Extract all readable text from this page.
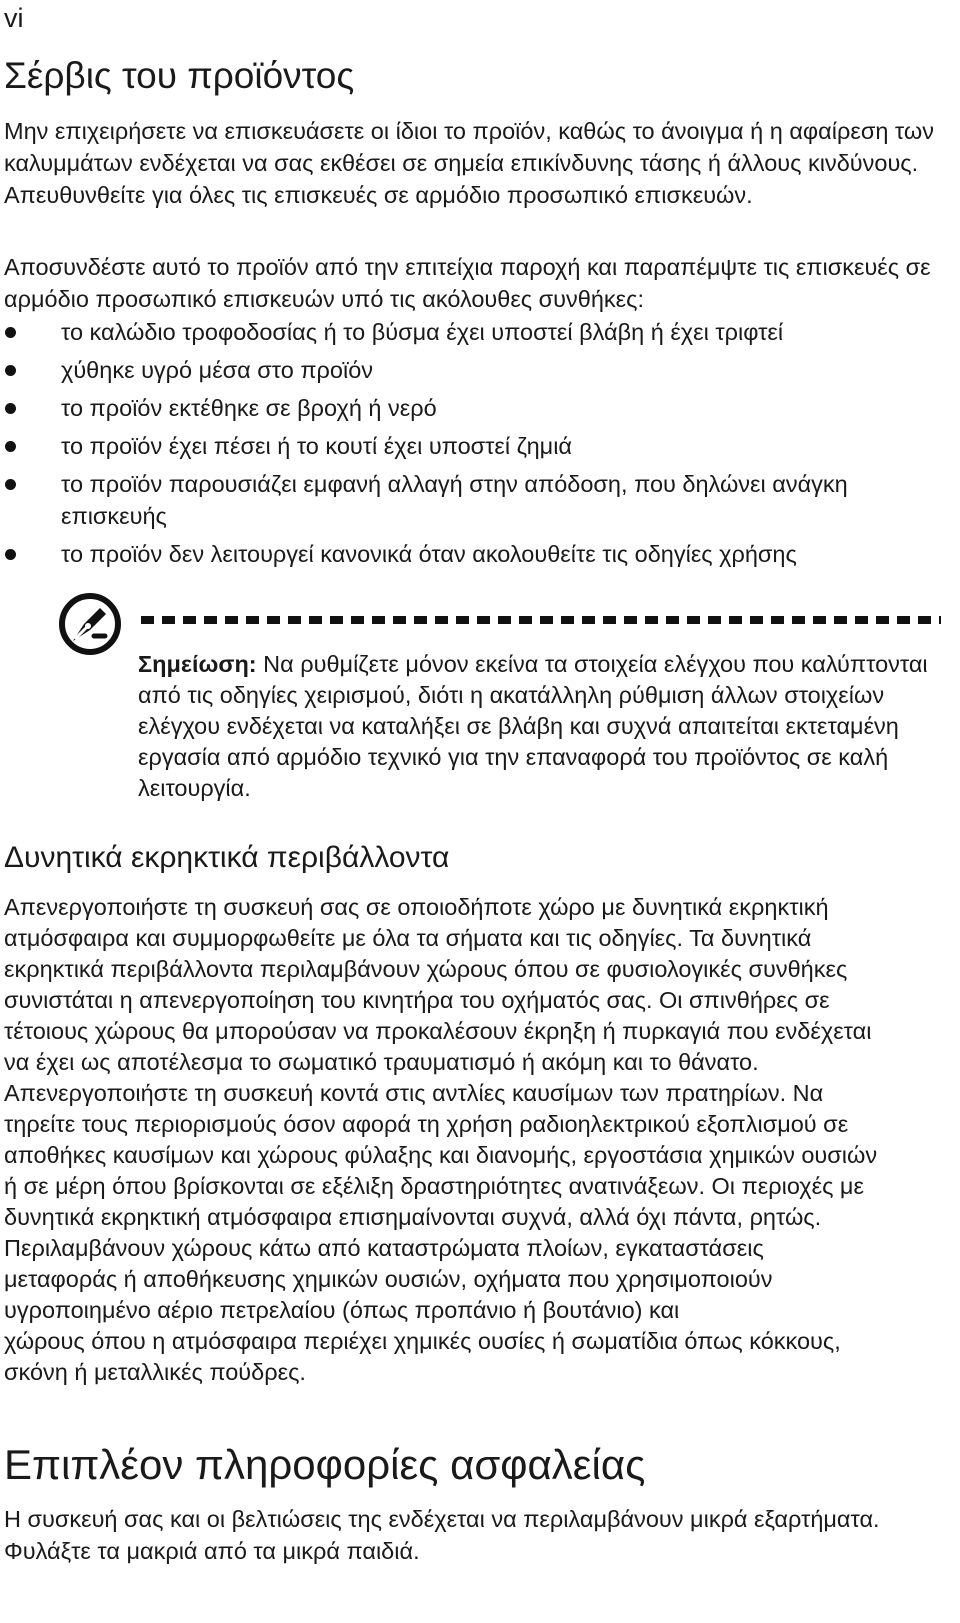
vi
Σέρβις του προϊόντος

Μην επιχειρήσετε να επισκευάσετε οι ίδιοι το προϊόν, καθώς το άνοιγμα ή η αφαίρεση των καλυμμάτων ενδέχεται να σας εκθέσει σε σημεία επικίνδυνης τάσης ή άλλους κινδύνους. Απευθυνθείτε για όλες τις επισκευές σε αρμόδιο προσωπικό επισκευών.

Αποσυνδέστε αυτό το προϊόν από την επιτείχια παροχή και παραπέμψτε τις επισκευές σε αρμόδιο προσωπικό επισκευών υπό τις ακόλουθες συνθήκες:

το καλώδιο τροφοδοσίας ή το βύσμα έχει υποστεί βλάβη ή έχει τριφτεί
χύθηκε υγρό μέσα στο προϊόν
το προϊόν εκτέθηκε σε βροχή ή νερό
το προϊόν έχει πέσει ή το κουτί έχει υποστεί ζημιά
το προϊόν παρουσιάζει εμφανή αλλαγή στην απόδοση, που δηλώνει ανάγκη επισκευής
το προϊόν δεν λειτουργεί κανονικά όταν ακολουθείτε τις οδηγίες χρήσης

Σημείωση: Να ρυθμίζετε μόνον εκείνα τα στοιχεία ελέγχου που καλύπτονται από τις οδηγίες χειρισμού, διότι η ακατάλληλη ρύθμιση άλλων στοιχείων ελέγχου ενδέχεται να καταλήξει σε βλάβη και συχνά απαιτείται εκτεταμένη εργασία από αρμόδιο τεχνικό για την επαναφορά του προϊόντος σε καλή λειτουργία.

Δυνητικά εκρηκτικά περιβάλλοντα

Απενεργοποιήστε τη συσκευή σας σε οποιοδήποτε χώρο με δυνητικά εκρηκτική

ατμόσφαιρα και συμμορφωθείτε με όλα τα σήματα και τις οδηγίες. Τα δυνητικά

εκρηκτικά περιβάλλοντα περιλαμβάνουν χώρους όπου σε φυσιολογικές συνθήκες

συνιστάται η απενεργοποίηση του κινητήρα του οχήματός σας. Οι σπινθήρες σε

τέτοιους χώρους θα μπορούσαν να προκαλέσουν έκρηξη ή πυρκαγιά που ενδέχεται

να έχει ως αποτέλεσμα το σωματικό τραυματισμό ή ακόμη και το θάνατο.

Απενεργοποιήστε τη συσκευή κοντά στις αντλίες καυσίμων των πρατηρίων. Να

τηρείτε τους περιορισμούς όσον αφορά τη χρήση ραδιοηλεκτρικού εξοπλισμού σε

αποθήκες καυσίμων και χώρους φύλαξης και διανομής, εργοστάσια χημικών ουσιών

ή σε μέρη όπου βρίσκονται σε εξέλιξη δραστηριότητες ανατινάξεων. Οι περιοχές με

δυνητικά εκρηκτική ατμόσφαιρα επισημαίνονται συχνά, αλλά όχι πάντα, ρητώς.

Περιλαμβάνουν χώρους κάτω από καταστρώματα πλοίων, εγκαταστάσεις

μεταφοράς ή αποθήκευσης χημικών ουσιών, οχήματα που χρησιμοποιούν

υγροποιημένο αέριο πετρελαίου (όπως προπάνιο ή βουτάνιο) και

χώρους όπου η ατμόσφαιρα περιέχει χημικές ουσίες ή σωματίδια όπως κόκκους,

σκόνη ή μεταλλικές πούδρες.

Επιπλέον πληροφορίες ασφαλείας

Η συσκευή σας και οι βελτιώσεις της ενδέχεται να περιλαμβάνουν μικρά εξαρτήματα. Φυλάξτε τα μακριά από τα μικρά παιδιά.
